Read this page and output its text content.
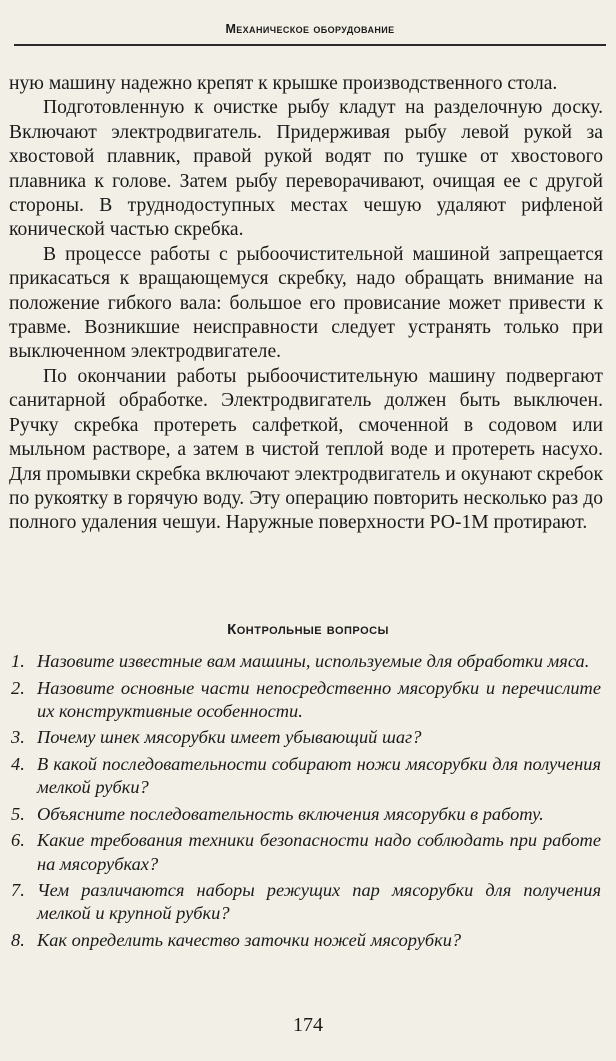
Механическое оборудование

ную машину надежно крепят к крышке производственного стола.

Подготовленную к очистке рыбу кладут на разделочную доску. Включают электродвигатель. Придерживая рыбу левой рукой за хвостовой плавник, правой рукой водят по тушке от хвостового плавника к голове. Затем рыбу переворачивают, очищая ее с другой стороны. В труднодоступных местах чешую удаляют рифленой конической частью скребка.

В процессе работы с рыбоочистительной машиной запрещается прикасаться к вращающемуся скребку, надо обращать внимание на положение гибкого вала: большое его провисание может привести к травме. Возникшие неисправности следует устранять только при выключенном электродвигателе.

По окончании работы рыбоочистительную машину подвергают санитарной обработке. Электродвигатель должен быть выключен. Ручку скребка протереть салфеткой, смоченной в содовом или мыльном растворе, а затем в чистой теплой воде и протереть насухо. Для промывки скребка включают электродвигатель и окунают скребок по рукоятку в горячую воду. Эту операцию повторить несколько раз до полного удаления чешуи. Наружные поверхности РО-1М протирают.

Контрольные вопросы
1. Назовите известные вам машины, используемые для обработки мяса.
2. Назовите основные части непосредственно мясорубки и перечислите их конструктивные особенности.
3. Почему шнек мясорубки имеет убывающий шаг?
4. В какой последовательности собирают ножи мясорубки для получения мелкой рубки?
5. Объясните последовательность включения мясорубки в работу.
6. Какие требования техники безопасности надо соблюдать при работе на мясорубках?
7. Чем различаются наборы режущих пар мясорубки для получения мелкой и крупной рубки?
8. Как определить качество заточки ножей мясорубки?
174
